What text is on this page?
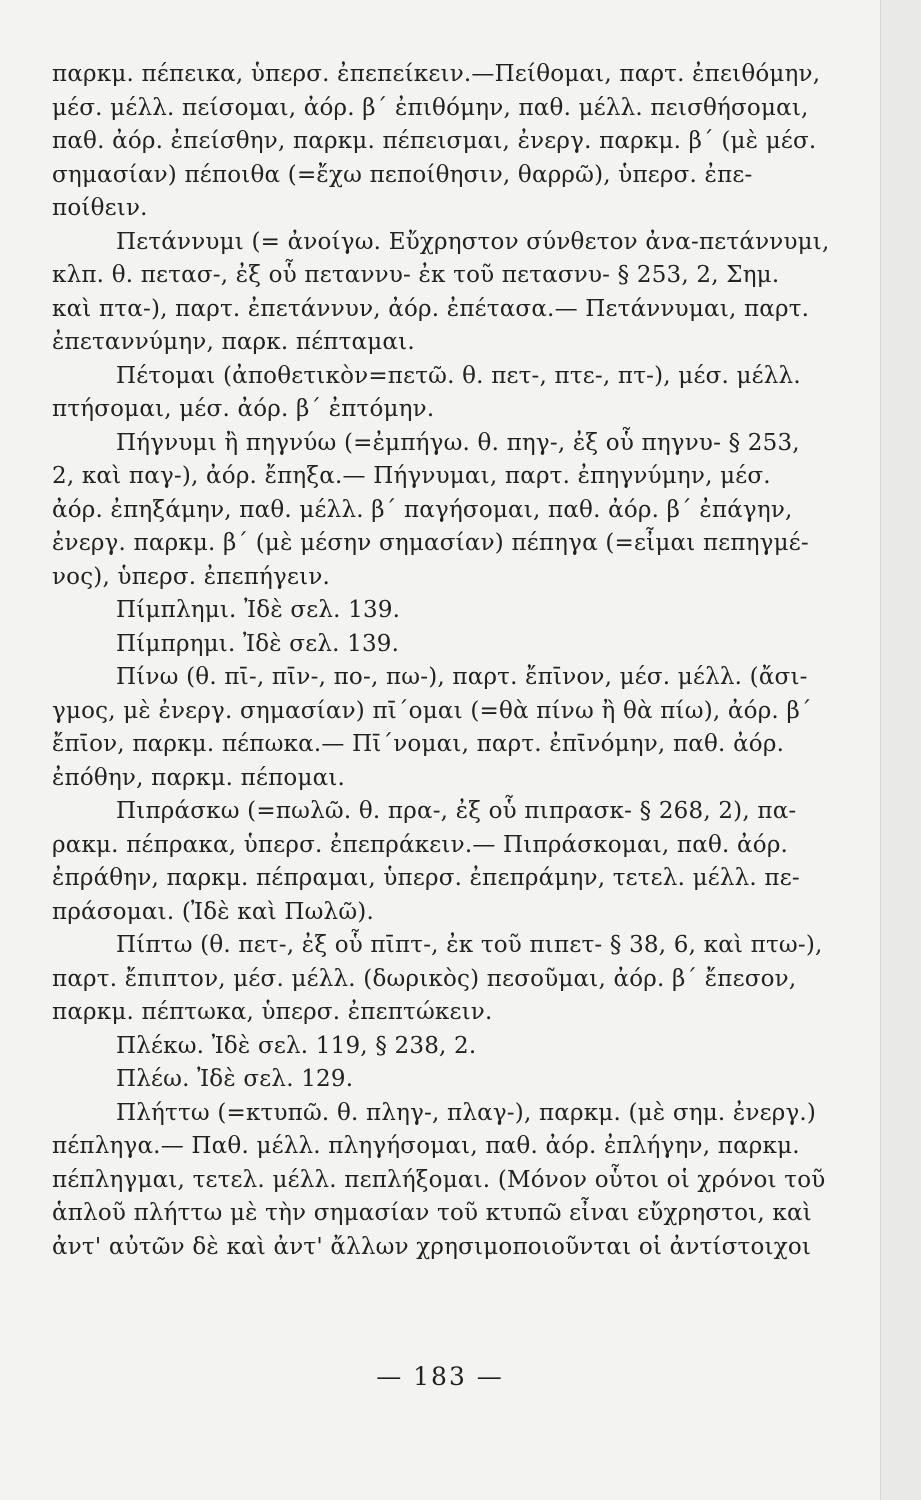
παρκμ. πέπεικα, ὑπερσ. ἐπεπείκειν.—Πείθομαι, παρτ. ἐπειθόμην,
μέσ. μέλλ. πείσομαι, ἀόρ. β΄ ἐπιθόμην, παθ. μέλλ. πεισθήσομαι,
παθ. ἀόρ. ἐπείσθην, παρκμ. πέπεισμαι, ἐνεργ. παρκμ. β΄ (μὲ μέσ.
σημασίαν) πέποιθα (=ἔχω πεποίθησιν, θαρρῶ), ὑπερσ. ἐπε-
ποίθειν.
Πετάννυμι (= ἀνοίγω. Εὔχρηστον σύνθετον ἀνα-πετάννυμι,
κλπ. θ. πετασ-, ἐξ οὗ πεταννυ- ἐκ τοῦ πετασνυ- § 253, 2, Σημ.
καὶ πτα-), παρτ. ἐπετάννυν, ἀόρ. ἐπέτασα.— Πετάννυμαι, παρτ.
ἐπεταννύμην, παρκ. πέπταμαι.
Πέτομαι (ἀποθετικὸν=πετῶ. θ. πετ-, πτε-, πτ-), μέσ. μέλλ.
πτήσομαι, μέσ. ἀόρ. β΄ ἐπτόμην.
Πήγνυμι ἢ πηγνύω (=ἐμπήγω. θ. πηγ-, ἐξ οὗ πηγνυ- § 253,
2, καὶ παγ-), ἀόρ. ἔπηξα.— Πήγνυμαι, παρτ. ἐπηγνύμην, μέσ.
ἀόρ. ἐπηξάμην, παθ. μέλλ. β΄ παγήσομαι, παθ. ἀόρ. β΄ ἐπάγην,
ἐνεργ. παρκμ. β΄ (μὲ μέσην σημασίαν) πέπηγα (=εἶμαι πεπηγμέ-
νος), ὑπερσ. ἐπεπήγειν.
Πίμπλημι. Ἰδὲ σελ. 139.
Πίμπρημι. Ἰδὲ σελ. 139.
Πίνω (θ. πῑ-, πῑν-, πο-, πω-), παρτ. ἔπῑνον, μέσ. μέλλ. (ἄσι-
γμος, μὲ ἐνεργ. σημασίαν) πῑ΄ομαι (=θὰ πίνω ἢ θὰ πίω), ἀόρ. β΄
ἔπῑον, παρκμ. πέπωκα.— Πῑ΄νομαι, παρτ. ἐπῑνόμην, παθ. ἀόρ.
ἐπόθην, παρκμ. πέπομαι.
Πιπράσκω (=πωλῶ. θ. πρα-, ἐξ οὗ πιπρασκ- § 268, 2), πα-
ρακμ. πέπρακα, ὑπερσ. ἐπεπράκειν.— Πιπράσκομαι, παθ. ἀόρ.
ἐπράθην, παρκμ. πέπραμαι, ὑπερσ. ἐπεπράμην, τετελ. μέλλ. πε-
πράσομαι. (Ἰδὲ καὶ Πωλῶ).
Πίπτω (θ. πετ-, ἐξ οὗ πῑπτ-, ἐκ τοῦ πιπετ- § 38, 6, καὶ πτω-),
παρτ. ἔπιπτον, μέσ. μέλλ. (δωρικὸς) πεσοῦμαι, ἀόρ. β΄ ἔπεσον,
παρκμ. πέπτωκα, ὑπερσ. ἐπεπτώκειν.
Πλέκω. Ἰδὲ σελ. 119, § 238, 2.
Πλέω. Ἰδὲ σελ. 129.
Πλήττω (=κτυπῶ. θ. πληγ-, πλαγ-), παρκμ. (μὲ σημ. ἐνεργ.)
πέπληγα.— Παθ. μέλλ. πληγήσομαι, παθ. ἀόρ. ἐπλήγην, παρκμ.
πέπληγμαι, τετελ. μέλλ. πεπλήξομαι. (Μόνον οὗτοι οἱ χρόνοι τοῦ
ἁπλοῦ πλήττω μὲ τὴν σημασίαν τοῦ κτυπῶ εἶναι εὔχρηστοι, καὶ
ἀντ' αὐτῶν δὲ καὶ ἀντ' ἄλλων χρησιμοποιοῦνται οἱ ἀντίστοιχοι
— 183 —
